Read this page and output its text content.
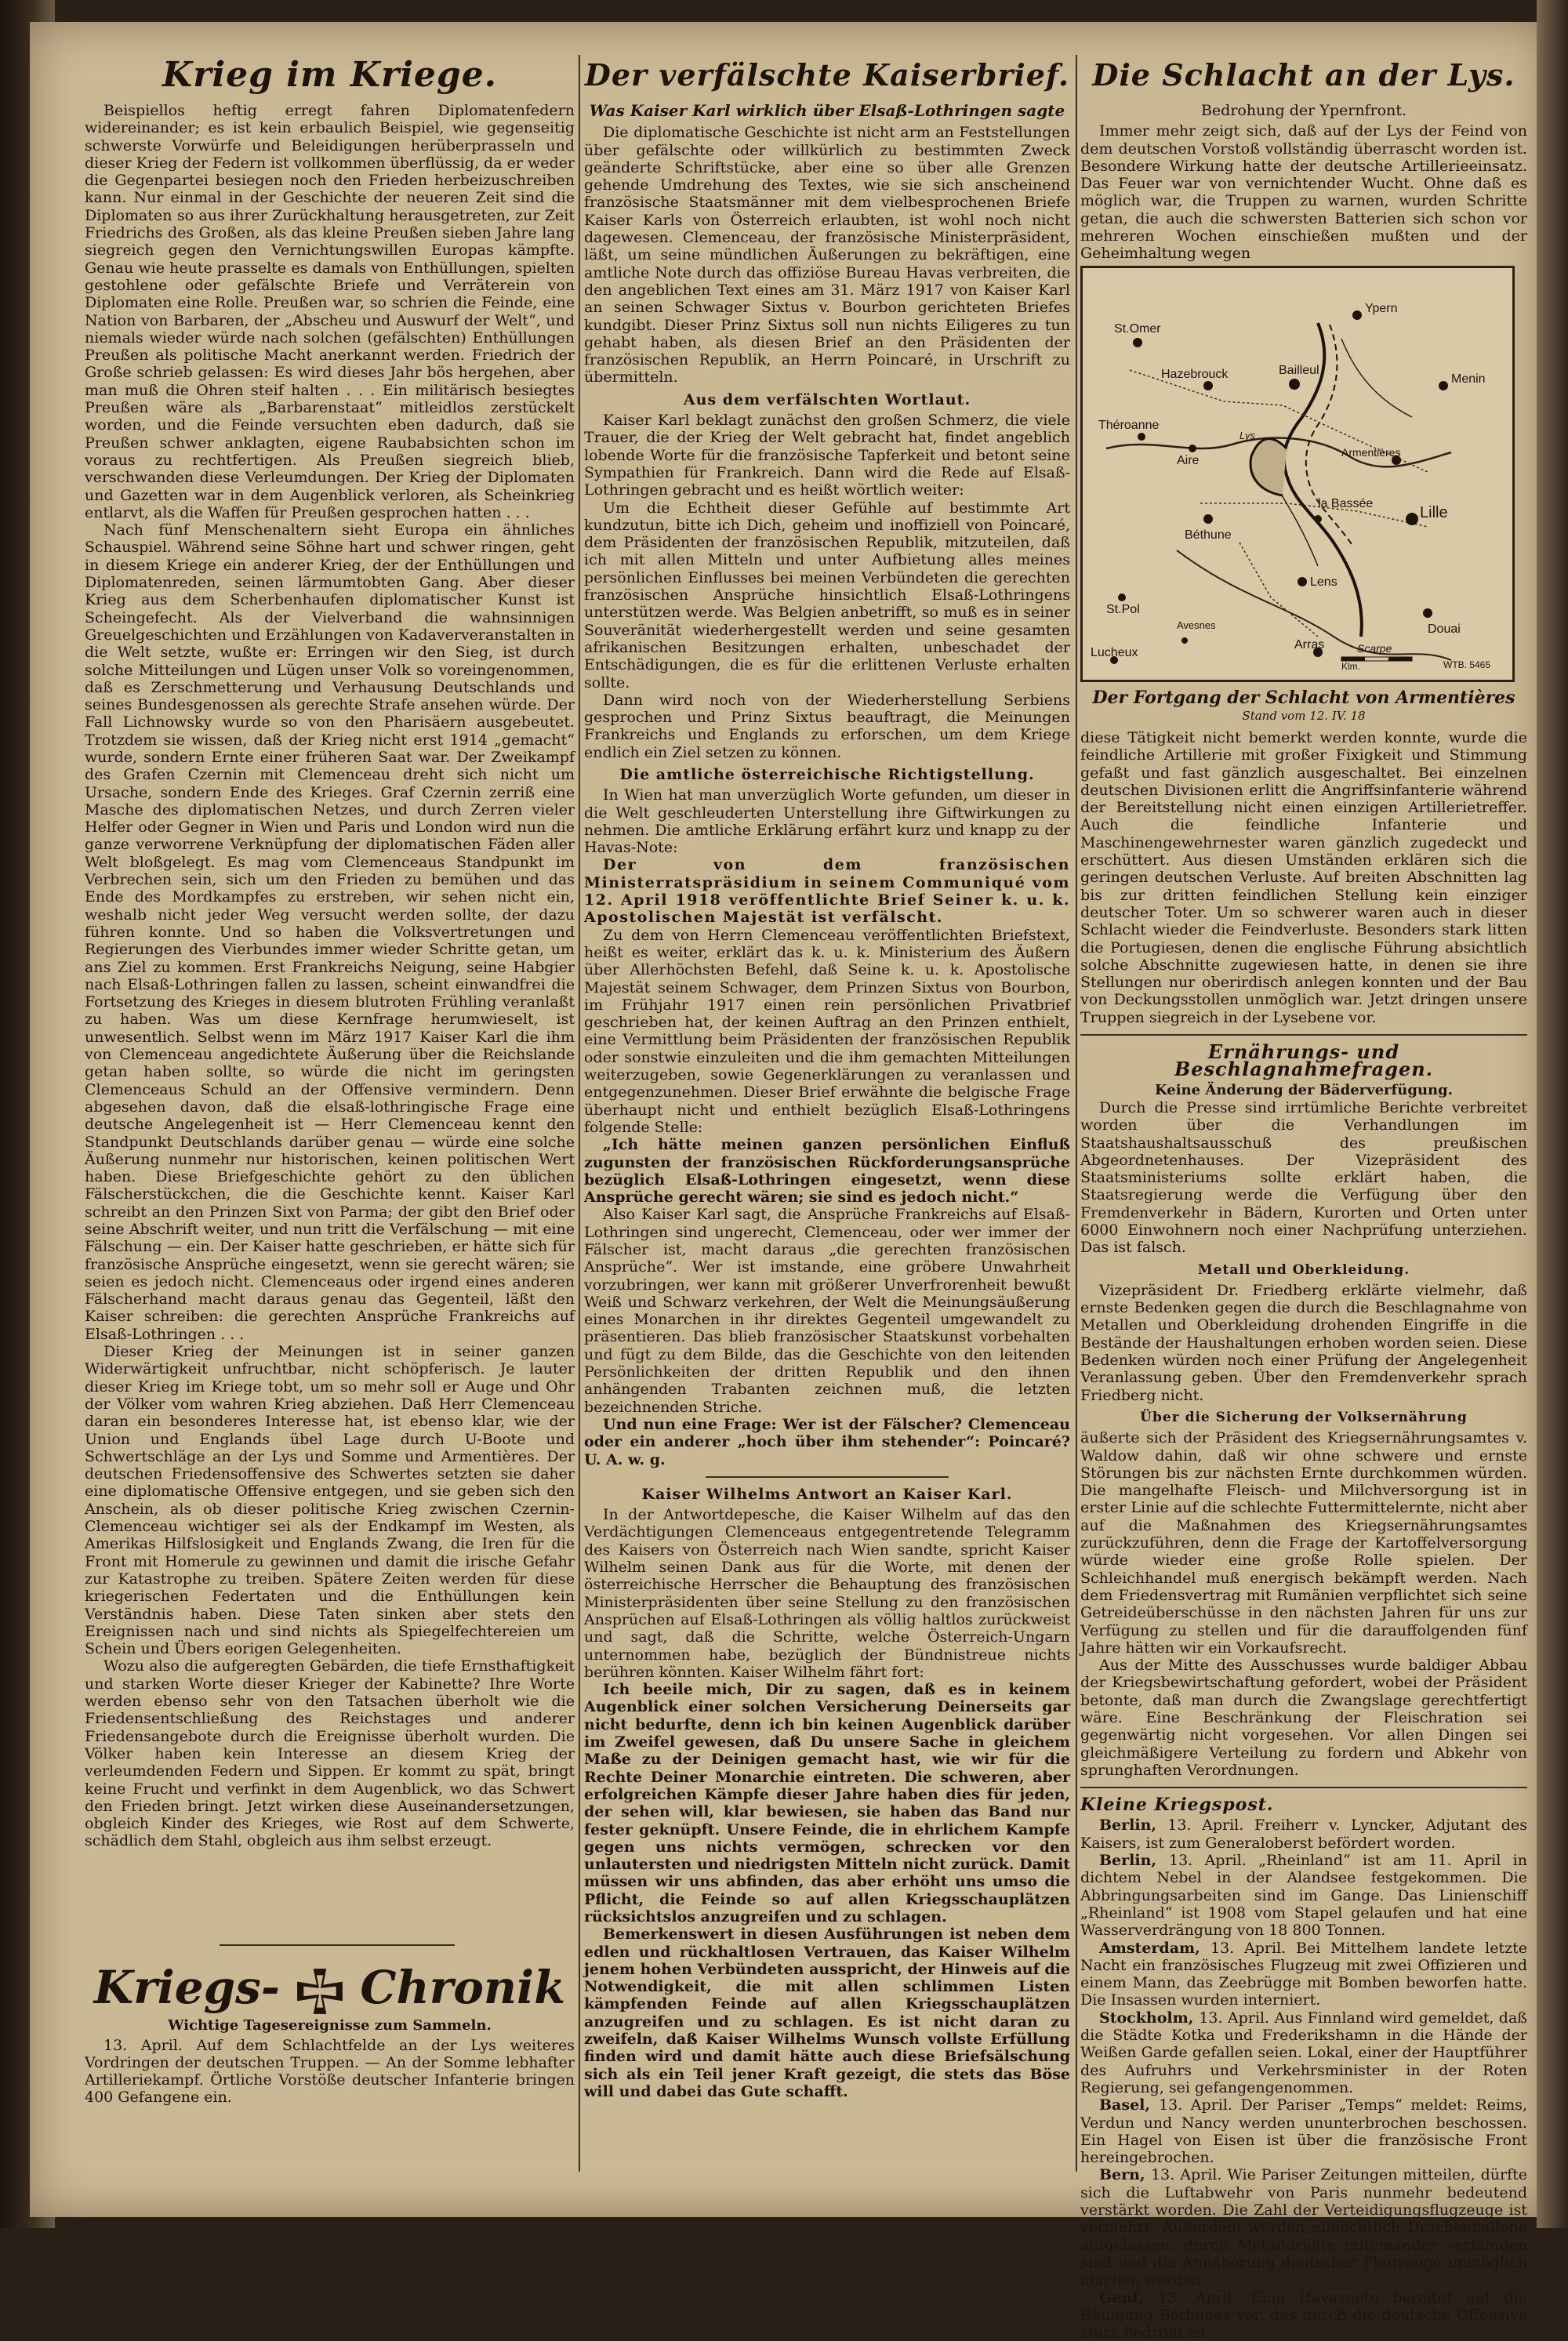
Krieg im Kriege.

Beispiellos heftig erregt fahren Diplomatenfedern widereinander; es ist kein erbaulich Beispiel, wie gegenseitig schwerste Vorwürfe und Beleidigungen herüberprasseln und dieser Krieg der Federn ist vollkommen überflüssig, da er weder die Gegenpartei besiegen noch den Frieden herbeizuschreiben kann. Nur einmal in der Geschichte der neueren Zeit sind die Diplomaten so aus ihrer Zurückhaltung herausgetreten, zur Zeit Friedrichs des Großen, als das kleine Preußen sieben Jahre lang siegreich gegen den Vernichtungswillen Europas kämpfte. Genau wie heute prasselte es damals von Enthüllungen, spielten gestohlene oder gefälschte Briefe und Verräterein von Diplomaten eine Rolle. Preußen war, so schrien die Feinde, eine Nation von Barbaren, der „Abscheu und Auswurf der Welt“, und niemals wieder würde nach solchen (gefälschten) Enthüllungen Preußen als politische Macht anerkannt werden. Friedrich der Große schrieb gelassen: Es wird dieses Jahr bös hergehen, aber man muß die Ohren steif halten . . . Ein militärisch besiegtes Preußen wäre als „Barbarenstaat“ mitleidlos zerstückelt worden, und die Feinde versuchten eben dadurch, daß sie Preußen schwer anklagten, eigene Raubabsichten schon im voraus zu rechtfertigen. Als Preußen siegreich blieb, verschwanden diese Verleumdungen. Der Krieg der Diplomaten und Gazetten war in dem Augenblick verloren, als Scheinkrieg entlarvt, als die Waffen für Preußen gesprochen hatten . . .

Nach fünf Menschenaltern sieht Europa ein ähnliches Schauspiel. Während seine Söhne hart und schwer ringen, geht in diesem Kriege ein anderer Krieg, der der Enthüllungen und Diplomatenreden, seinen lärmumtobten Gang. Aber dieser Krieg aus dem Scherbenhaufen diplomatischer Kunst ist Scheingefecht. Als der Vielverband die wahnsinnigen Greuelgeschichten und Erzählungen von Kadaververanstalten in die Welt setzte, wußte er: Erringen wir den Sieg, ist durch solche Mitteilungen und Lügen unser Volk so voreingenommen, daß es Zerschmetterung und Verhausung Deutschlands und seines Bundesgenossen als gerechte Strafe ansehen würde. Der Fall Lichnowsky wurde so von den Pharisäern ausgebeutet. Trotzdem sie wissen, daß der Krieg nicht erst 1914 „gemacht“ wurde, sondern Ernte einer früheren Saat war. Der Zweikampf des Grafen Czernin mit Clemenceau dreht sich nicht um Ursache, sondern Ende des Krieges. Graf Czernin zerriß eine Masche des diplomatischen Netzes, und durch Zerren vieler Helfer oder Gegner in Wien und Paris und London wird nun die ganze verworrene Verknüpfung der diplomatischen Fäden aller Welt bloßgelegt. Es mag vom Clemenceaus Standpunkt im Verbrechen sein, sich um den Frieden zu bemühen und das Ende des Mordkampfes zu erstreben, wir sehen nicht ein, weshalb nicht jeder Weg versucht werden sollte, der dazu führen konnte. Und so haben die Volksvertretungen und Regierungen des Vierbundes immer wieder Schritte getan, um ans Ziel zu kommen. Erst Frankreichs Neigung, seine Habgier nach Elsaß-Lothringen fallen zu lassen, scheint einwandfrei die Fortsetzung des Krieges in diesem blutroten Frühling veranlaßt zu haben. Was um diese Kernfrage herumwieselt, ist unwesentlich. Selbst wenn im März 1917 Kaiser Karl die ihm von Clemenceau angedichtete Äußerung über die Reichslande getan haben sollte, so würde die nicht im geringsten Clemenceaus Schuld an der Offensive vermindern. Denn abgesehen davon, daß die elsaß-lothringische Frage eine deutsche Angelegenheit ist — Herr Clemenceau kennt den Standpunkt Deutschlands darüber genau — würde eine solche Äußerung nunmehr nur historischen, keinen politischen Wert haben. Diese Briefgeschichte gehört zu den üblichen Fälscherstückchen, die die Geschichte kennt. Kaiser Karl schreibt an den Prinzen Sixt von Parma; der gibt den Brief oder seine Abschrift weiter, und nun tritt die Verfälschung — mit eine Fälschung — ein. Der Kaiser hatte geschrieben, er hätte sich für französische Ansprüche eingesetzt, wenn sie gerecht wären; sie seien es jedoch nicht. Clemenceaus oder irgend eines anderen Fälscherhand macht daraus genau das Gegenteil, läßt den Kaiser schreiben: die gerechten Ansprüche Frankreichs auf Elsaß-Lothringen . . .

Dieser Krieg der Meinungen ist in seiner ganzen Widerwärtigkeit unfruchtbar, nicht schöpferisch. Je lauter dieser Krieg im Kriege tobt, um so mehr soll er Auge und Ohr der Völker vom wahren Krieg abziehen. Daß Herr Clemenceau daran ein besonderes Interesse hat, ist ebenso klar, wie der Union und Englands übel Lage durch U-Boote und Schwertschläge an der Lys und Somme und Armentières. Der deutschen Friedensoffensive des Schwertes setzten sie daher eine diplomatische Offensive entgegen, und sie geben sich den Anschein, als ob dieser politische Krieg zwischen Czernin-Clemenceau wichtiger sei als der Endkampf im Westen, als Amerikas Hilfslosigkeit und Englands Zwang, die Iren für die Front mit Homerule zu gewinnen und damit die irische Gefahr zur Katastrophe zu treiben. Spätere Zeiten werden für diese kriegerischen Federtaten und die Enthüllungen kein Verständnis haben. Diese Taten sinken aber stets den Ereignissen nach und sind nichts als Spiegelfechtereien um Schein und Übers eorigen Gelegenheiten.

Wozu also die aufgeregten Gebärden, die tiefe Ernsthaftigkeit und starken Worte dieser Krieger der Kabinette? Ihre Worte werden ebenso sehr von den Tatsachen überholt wie die Friedensentschließung des Reichstages und anderer Friedensangebote durch die Ereignisse überholt wurden. Die Völker haben kein Interesse an diesem Krieg der verleumdenden Federn und Sippen. Er kommt zu spät, bringt keine Frucht und verfinkt in dem Augenblick, wo das Schwert den Frieden bringt. Jetzt wirken diese Auseinandersetzungen, obgleich Kinder des Krieges, wie Rost auf dem Schwerte, schädlich dem Stahl, obgleich aus ihm selbst erzeugt.

Kriegs- Chronik
Wichtige Tagesereignisse zum Sammeln.

13. April. Auf dem Schlachtfelde an der Lys weiteres Vordringen der deutschen Truppen. — An der Somme lebhafter Artilleriekampf. Örtliche Vorstöße deutscher Infanterie bringen 400 Gefangene ein.

Der verfälschte Kaiserbrief.
Was Kaiser Karl wirklich über Elsaß-Lothringen sagte

Die diplomatische Geschichte ist nicht arm an Feststellungen über gefälschte oder willkürlich zu bestimmten Zweck geänderte Schriftstücke, aber eine so über alle Grenzen gehende Umdrehung des Textes, wie sie sich anscheinend französische Staatsmänner mit dem vielbesprochenen Briefe Kaiser Karls von Österreich erlaubten, ist wohl noch nicht dagewesen. Clemenceau, der französische Ministerpräsident, läßt, um seine mündlichen Äußerungen zu bekräftigen, eine amtliche Note durch das offiziöse Bureau Havas verbreiten, die den angeblichen Text eines am 31. März 1917 von Kaiser Karl an seinen Schwager Sixtus v. Bourbon gerichteten Briefes kundgibt. Dieser Prinz Sixtus soll nun nichts Eiligeres zu tun gehabt haben, als diesen Brief an den Präsidenten der französischen Republik, an Herrn Poincaré, in Urschrift zu übermitteln.

Aus dem verfälschten Wortlaut.

Kaiser Karl beklagt zunächst den großen Schmerz, die viele Trauer, die der Krieg der Welt gebracht hat, findet angeblich lobende Worte für die französische Tapferkeit und betont seine Sympathien für Frankreich. Dann wird die Rede auf Elsaß-Lothringen gebracht und es heißt wörtlich weiter:

Um die Echtheit dieser Gefühle auf bestimmte Art kundzutun, bitte ich Dich, geheim und inoffiziell von Poincaré, dem Präsidenten der französischen Republik, mitzuteilen, daß ich mit allen Mitteln und unter Aufbietung alles meines persönlichen Einflusses bei meinen Verbündeten die gerechten französischen Ansprüche hinsichtlich Elsaß-Lothringens unterstützen werde. Was Belgien anbetrifft, so muß es in seiner Souveränität wiederhergestellt werden und seine gesamten afrikanischen Besitzungen erhalten, unbeschadet der Entschädigungen, die es für die erlittenen Verluste erhalten sollte.

Dann wird noch von der Wiederherstellung Serbiens gesprochen und Prinz Sixtus beauftragt, die Meinungen Frankreichs und Englands zu erforschen, um dem Kriege endlich ein Ziel setzen zu können.

Die amtliche österreichische Richtigstellung.

In Wien hat man unverzüglich Worte gefunden, um dieser in die Welt geschleuderten Unterstellung ihre Giftwirkungen zu nehmen. Die amtliche Erklärung erfährt kurz und knapp zu der Havas-Note:

Der von dem französischen Ministerratspräsidium in seinem Communiqué vom 12. April 1918 veröffentlichte Brief Seiner k. u. k. Apostolischen Majestät ist verfälscht.

Zu dem von Herrn Clemenceau veröffentlichten Briefstext, heißt es weiter, erklärt das k. u. k. Ministerium des Äußern über Allerhöchsten Befehl, daß Seine k. u. k. Apostolische Majestät seinem Schwager, dem Prinzen Sixtus von Bourbon, im Frühjahr 1917 einen rein persönlichen Privatbrief geschrieben hat, der keinen Auftrag an den Prinzen enthielt, eine Vermittlung beim Präsidenten der französischen Republik oder sonstwie einzuleiten und die ihm gemachten Mitteilungen weiterzugeben, sowie Gegenerklärungen zu veranlassen und entgegenzunehmen. Dieser Brief erwähnte die belgische Frage überhaupt nicht und enthielt bezüglich Elsaß-Lothringens folgende Stelle:

„Ich hätte meinen ganzen persönlichen Einfluß zugunsten der französischen Rückforderungsansprüche bezüglich Elsaß-Lothringen eingesetzt, wenn diese Ansprüche gerecht wären; sie sind es jedoch nicht.“

Also Kaiser Karl sagt, die Ansprüche Frankreichs auf Elsaß-Lothringen sind ungerecht, Clemenceau, oder wer immer der Fälscher ist, macht daraus „die gerechten französischen Ansprüche“. Wer ist imstande, eine gröbere Unwahrheit vorzubringen, wer kann mit größerer Unverfrorenheit bewußt Weiß und Schwarz verkehren, der Welt die Meinungsäußerung eines Monarchen in ihr direktes Gegenteil umgewandelt zu präsentieren. Das blieb französischer Staatskunst vorbehalten und fügt zu dem Bilde, das die Geschichte von den leitenden Persönlichkeiten der dritten Republik und den ihnen anhängenden Trabanten zeichnen muß, die letzten bezeichnenden Striche.

Und nun eine Frage: Wer ist der Fälscher? Clemenceau oder ein anderer „hoch über ihm stehender“: Poincaré? U. A. w. g.

Kaiser Wilhelms Antwort an Kaiser Karl.

In der Antwortdepesche, die Kaiser Wilhelm auf das den Verdächtigungen Clemenceaus entgegentretende Telegramm des Kaisers von Österreich nach Wien sandte, spricht Kaiser Wilhelm seinen Dank aus für die Worte, mit denen der österreichische Herrscher die Behauptung des französischen Ministerpräsidenten über seine Stellung zu den französischen Ansprüchen auf Elsaß-Lothringen als völlig haltlos zurückweist und sagt, daß die Schritte, welche Österreich-Ungarn unternommen habe, bezüglich der Bündnistreue nichts berühren könnten. Kaiser Wilhelm fährt fort:

Ich beeile mich, Dir zu sagen, daß es in keinem Augenblick einer solchen Versicherung Deinerseits gar nicht bedurfte, denn ich bin keinen Augenblick darüber im Zweifel gewesen, daß Du unsere Sache in gleichem Maße zu der Deinigen gemacht hast, wie wir für die Rechte Deiner Monarchie eintreten. Die schweren, aber erfolgreichen Kämpfe dieser Jahre haben dies für jeden, der sehen will, klar bewiesen, sie haben das Band nur fester geknüpft. Unsere Feinde, die in ehrlichem Kampfe gegen uns nichts vermögen, schrecken vor den unlautersten und niedrigsten Mitteln nicht zurück. Damit müssen wir uns abfinden, das aber erhöht uns umso die Pflicht, die Feinde so auf allen Kriegsschauplätzen rücksichtslos anzugreifen und zu schlagen.

Bemerkenswert in diesen Ausführungen ist neben dem edlen und rückhaltlosen Vertrauen, das Kaiser Wilhelm jenem hohen Verbündeten ausspricht, der Hinweis auf die Notwendigkeit, die mit allen schlimmen Listen kämpfenden Feinde auf allen Kriegsschauplätzen anzugreifen und zu schlagen. Es ist nicht daran zu zweifeln, daß Kaiser Wilhelms Wunsch vollste Erfüllung finden wird und damit hätte auch diese Briefsälschung sich als ein Teil jener Kraft gezeigt, die stets das Böse will und dabei das Gute schafft.

Die Schlacht an der Lys.
Bedrohung der Ypernfront.

Immer mehr zeigt sich, daß auf der Lys der Feind von dem deutschen Vorstoß vollständig überrascht worden ist. Besondere Wirkung hatte der deutsche Artillerieeinsatz. Das Feuer war von vernichtender Wucht. Ohne daß es möglich war, die Truppen zu warnen, wurden Schritte getan, die auch die schwersten Batterien sich schon vor mehreren Wochen einschießen mußten und der Geheimhaltung wegen

St.Omer
Ypern
Hazebrouck	Bailleul
Menin
Théroanne
Aire
Armentières
Lille
Béthune
la Bassée
St.Pol
Lens
Douai
Lucheux
Arras
Avesnes
Scarpe
Lys
WTB. 5465
Klm.
Der Fortgang der Schlacht von Armentières
Stand vom 12. IV. 18

diese Tätigkeit nicht bemerkt werden konnte, wurde die feindliche Artillerie mit großer Fixigkeit und Stimmung gefaßt und fast gänzlich ausgeschaltet. Bei einzelnen deutschen Divisionen erlitt die Angriffsinfanterie während der Bereitstellung nicht einen einzigen Artillerietreffer. Auch die feindliche Infanterie und Maschinengewehrnester waren gänzlich zugedeckt und erschüttert. Aus diesen Umständen erklären sich die geringen deutschen Verluste. Auf breiten Abschnitten lag bis zur dritten feindlichen Stellung kein einziger deutscher Toter. Um so schwerer waren auch in dieser Schlacht wieder die Feindverluste. Besonders stark litten die Portugiesen, denen die englische Führung absichtlich solche Abschnitte zugewiesen hatte, in denen sie ihre Stellungen nur oberirdisch anlegen konnten und der Bau von Deckungsstollen unmöglich war. Jetzt dringen unsere Truppen siegreich in der Lysebene vor.

Ernährungs- und Beschlagnahmefragen.
Keine Änderung der Bäderverfügung.

Durch die Presse sind irrtümliche Berichte verbreitet worden über die Verhandlungen im Staatshaushaltsausschuß des preußischen Abgeordnetenhauses. Der Vizepräsident des Staatsministeriums sollte erklärt haben, die Staatsregierung werde die Verfügung über den Fremdenverkehr in Bädern, Kurorten und Orten unter 6000 Einwohnern noch einer Nachprüfung unterziehen. Das ist falsch.

Metall und Oberkleidung.

Vizepräsident Dr. Friedberg erklärte vielmehr, daß ernste Bedenken gegen die durch die Beschlagnahme von Metallen und Oberkleidung drohenden Eingriffe in die Bestände der Haushaltungen erhoben worden seien. Diese Bedenken würden noch einer Prüfung der Angelegenheit Veranlassung geben. Über den Fremdenverkehr sprach Friedberg nicht.

Über die Sicherung der Volksernährung

äußerte sich der Präsident des Kriegsernährungsamtes v. Waldow dahin, daß wir ohne schwere und ernste Störungen bis zur nächsten Ernte durchkommen würden. Die mangelhafte Fleisch- und Milchversorgung ist in erster Linie auf die schlechte Futtermittelernte, nicht aber auf die Maßnahmen des Kriegsernährungsamtes zurückzuführen, denn die Frage der Kartoffelversorgung würde wieder eine große Rolle spielen. Der Schleichhandel muß energisch bekämpft werden. Nach dem Friedensvertrag mit Rumänien verpflichtet sich seine Getreideüberschüsse in den nächsten Jahren für uns zur Verfügung zu stellen und für die darauffolgenden fünf Jahre hätten wir ein Vorkaufsrecht.

Aus der Mitte des Ausschusses wurde baldiger Abbau der Kriegsbewirtschaftung gefordert, wobei der Präsident betonte, daß man durch die Zwangslage gerechtfertigt wäre. Eine Beschränkung der Fleischration sei gegenwärtig nicht vorgesehen. Vor allen Dingen sei gleichmäßigere Verteilung zu fordern und Abkehr von sprunghaften Verordnungen.

Kleine Kriegspost.

Berlin, 13. April. Freiherr v. Lyncker, Adjutant des Kaisers, ist zum Generaloberst befördert worden.

Berlin, 13. April. „Rheinland“ ist am 11. April in dichtem Nebel in der Alandsee festgekommen. Die Abbringungsarbeiten sind im Gange. Das Linienschiff „Rheinland“ ist 1908 vom Stapel gelaufen und hat eine Wasserverdrängung von 18 800 Tonnen.

Amsterdam, 13. April. Bei Mittelhem landete letzte Nacht ein französisches Flugzeug mit zwei Offizieren und einem Mann, das Zeebrügge mit Bomben beworfen hatte. Die Insassen wurden interniert.

Stockholm, 13. April. Aus Finnland wird gemeldet, daß die Städte Kotka und Frederikshamn in die Hände der Weißen Garde gefallen seien. Lokal, einer der Hauptführer des Aufruhrs und Verkehrsminister in der Roten Regierung, sei gefangengenommen.

Basel, 13. April. Der Pariser „Temps“ meldet: Reims, Verdun und Nancy werden ununterbrochen beschossen. Ein Hagel von Eisen ist über die französische Front hereingebrochen.

Bern, 13. April. Wie Pariser Zeitungen mitteilen, dürfte sich die Luftabwehr von Paris nunmehr bedeutend verstärkt worden. Die Zahl der Verteidigungsflugzeuge ist vermehrt. Außerdem werden allnächtlich Drachenballone aufgelassen, durch Metalldrähte miteinander verbunden sind und die Annäherung deutscher Flugzeuge unmöglich machen werden.

Genf, 13. April. Eine Havasnote bereitet auf die Räumung Béthunes vor, das durch die deutsche Offensive stark bedroht ist.
